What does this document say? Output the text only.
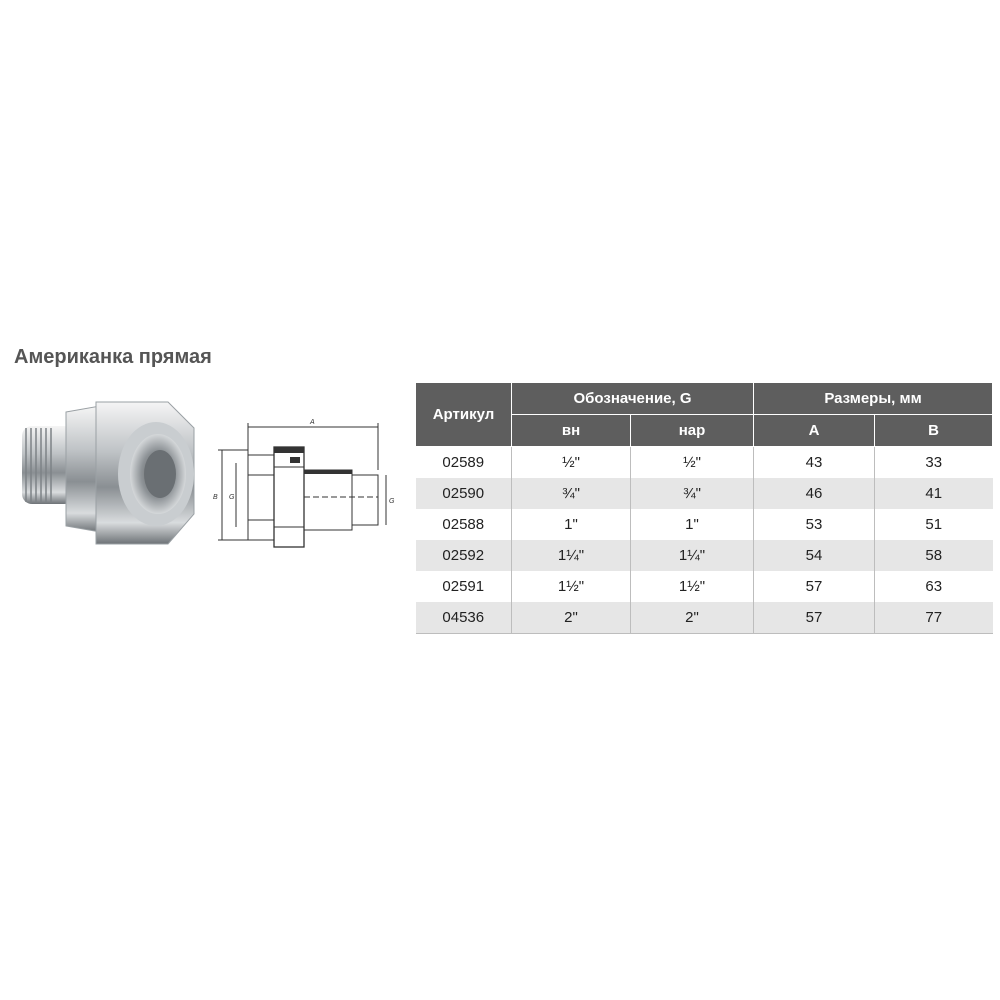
Американка прямая
A
B G
G
Артикул	Обозначение, G		Размеры, мм	
	вн	нар	A	B
02589	½"	½"	43	33
02590	¾"	¾"	46	41
02588	1"	1"	53	51
02592	1¼"	1¼"	54	58
02591	1½"	1½"	57	63
04536	2"	2"	57	77
